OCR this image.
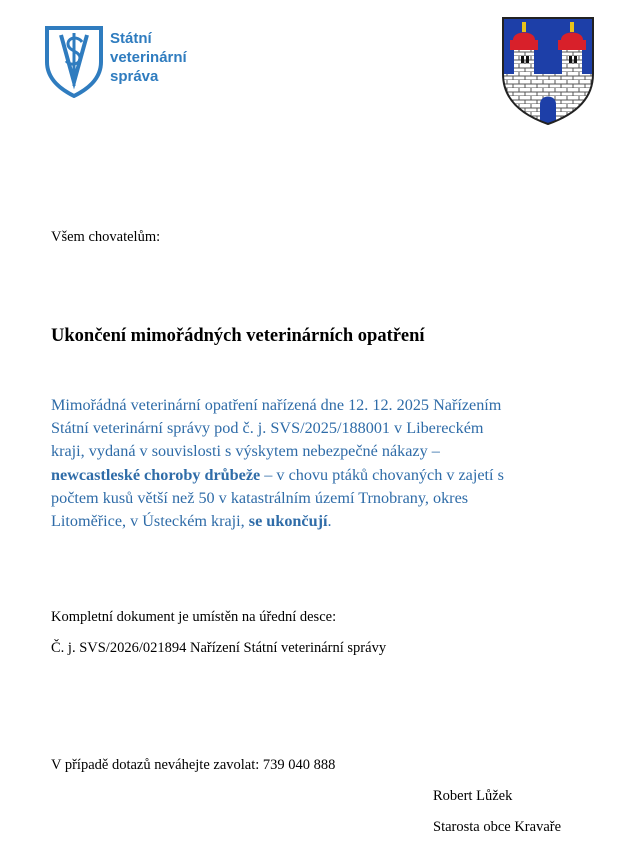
Státní
veterinární
správa
Všem chovatelům:
Ukončení mimořádných veterinárních opatření
Mimořádná veterinární opatření nařízená dne 12. 12. 2025 Nařízením
Státní veterinární správy pod č. j. SVS/2025/188001 v Libereckém
kraji, vydaná v souvislosti s výskytem nebezpečné nákazy –
newcastleské choroby drůbeže – v chovu ptáků chovaných v zajetí s
počtem kusů větší než 50 v katastrálním území Trnobrany, okres
Litoměřice, v Ústeckém kraji, se ukončují.
Kompletní dokument je umístěn na úřední desce:
Č. j. SVS/2026/021894 Nařízení Státní veterinární správy
V případě dotazů neváhejte zavolat: 739 040 888
Robert Lůžek
Starosta obce Kravaře
